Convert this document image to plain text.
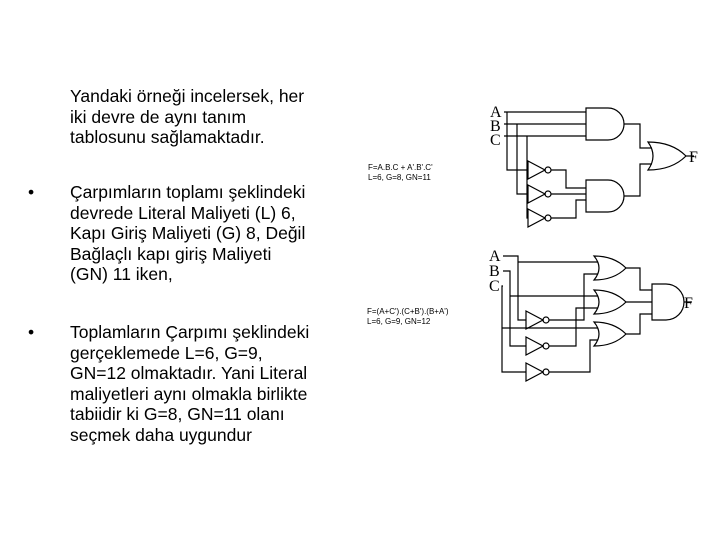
Yandaki örneği incelersek, her
iki devre de aynı tanım
tablosunu sağlamaktadır.
•	Çarpımların toplamı şeklindeki
devrede Literal Maliyeti (L) 6,
Kapı Giriş Maliyeti (G) 8, Değil
Bağlaçlı kapı giriş Maliyeti
(GN) 11 iken,
•	Toplamların Çarpımı şeklindeki
gerçeklemede L=6, G=9,
GN=12 olmaktadır. Yani Literal
maliyetleri aynı olmakla birlikte
tabiidir ki G=8, GN=11 olanı
seçmek daha uygundur
F=A.B.C + A'.B'.C'
L=6, G=8, GN=11
F=(A+C').(C+B').(B+A')
L=6, G=9, GN=12
A
B
C
F
A
B
C
F
